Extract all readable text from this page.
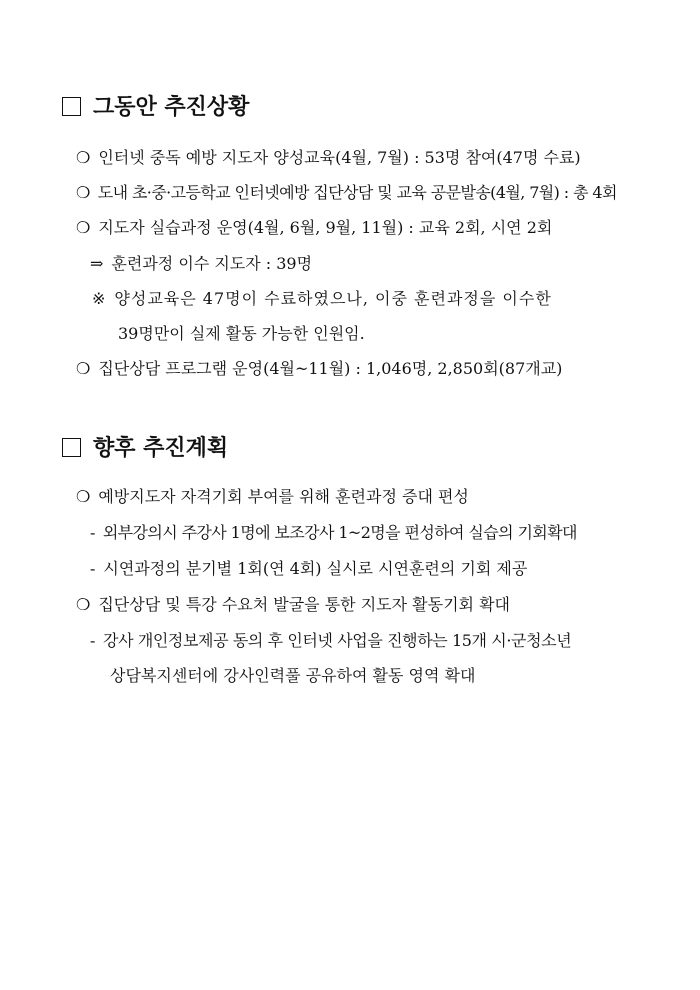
그동안 추진상황
❍ 인터넷 중독 예방 지도자 양성교육(4월, 7월) : 53명 참여(47명 수료)
❍ 도내 초·중·고등학교 인터넷예방 집단상담 및 교육 공문발송(4월, 7월) : 총 4회
❍ 지도자 실습과정 운영(4월, 6월, 9월, 11월) : 교육 2회, 시연 2회
⇒ 훈련과정 이수 지도자 : 39명
※ 양성교육은 47명이 수료하였으나, 이중 훈련과정을 이수한
39명만이 실제 활동 가능한 인원임.
❍ 집단상담 프로그램 운영(4월~11월) : 1,046명, 2,850회(87개교)
향후 추진계획
❍ 예방지도자 자격기회 부여를 위해 훈련과정 증대 편성
- 외부강의시 주강사 1명에 보조강사 1~2명을 편성하여 실습의 기회확대
- 시연과정의 분기별 1회(연 4회) 실시로 시연훈련의 기회 제공
❍ 집단상담 및 특강 수요처 발굴을 통한 지도자 활동기회 확대
- 강사 개인정보제공 동의 후 인터넷 사업을 진행하는 15개 시·군청소년
상담복지센터에 강사인력풀 공유하여 활동 영역 확대
